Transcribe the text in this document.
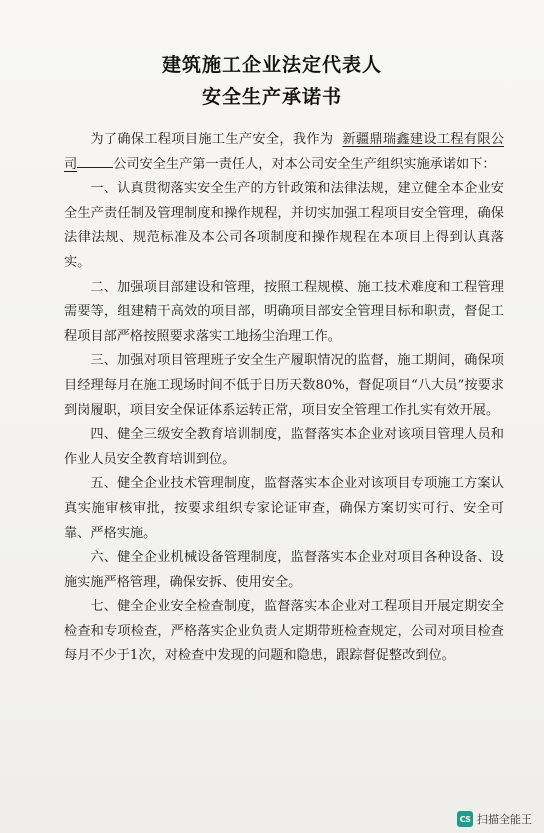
建筑施工企业法定代表人
安全生产承诺书

为了确保工程项目施工生产安全，我作为 新疆鼎瑞鑫建设工程有限公司	公司安全生产第一责任人，对本公司安全生产组织实施承诺如下：

一、认真贯彻落实安全生产的方针政策和法律法规，建立健全本企业安全生产责任制及管理制度和操作规程，并切实加强工程项目安全管理，确保法律法规、规范标准及本公司各项制度和操作规程在本项目上得到认真落实。

二、加强项目部建设和管理，按照工程规模、施工技术难度和工程管理需要等，组建精干高效的项目部，明确项目部安全管理目标和职责，督促工程项目部严格按照要求落实工地扬尘治理工作。

三、加强对项目管理班子安全生产履职情况的监督，施工期间，确保项目经理每月在施工现场时间不低于日历天数80%，督促项目“八大员”按要求到岗履职，项目安全保证体系运转正常，项目安全管理工作扎实有效开展。

四、健全三级安全教育培训制度，监督落实本企业对该项目管理人员和作业人员安全教育培训到位。

五、健全企业技术管理制度，监督落实本企业对该项目专项施工方案认真实施审核审批，按要求组织专家论证审查，确保方案切实可行、安全可靠、严格实施。

六、健全企业机械设备管理制度，监督落实本企业对项目各种设备、设施实施严格管理，确保安拆、使用安全。

七、健全企业安全检查制度，监督落实本企业对工程项目开展定期安全检查和专项检查，严格落实企业负责人定期带班检查规定，公司对项目检查每月不少于1次，对检查中发现的问题和隐患，跟踪督促整改到位。

CS 扫描全能王
